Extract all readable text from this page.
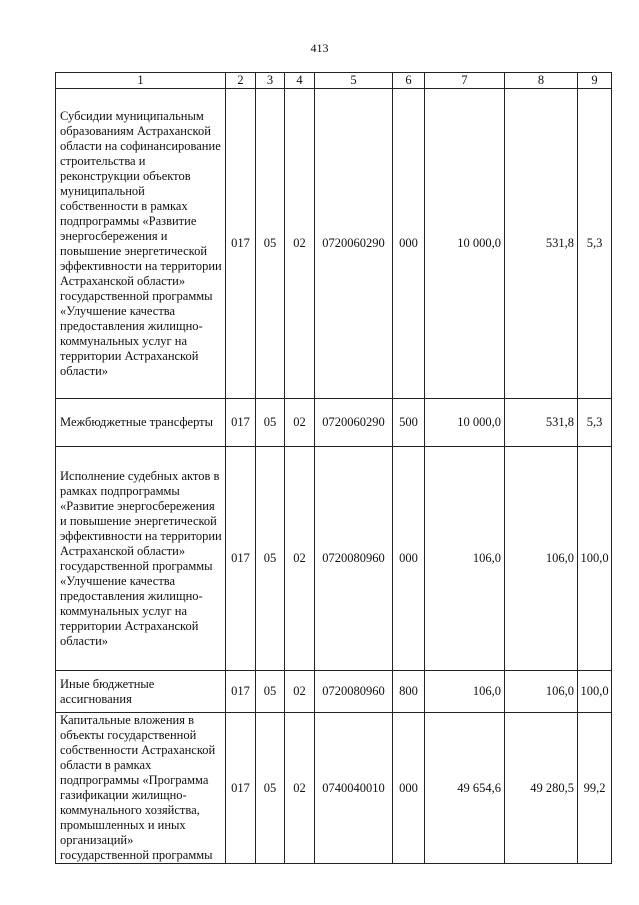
413
1	2	3	4	5	6	7	8	9
Субсидии муниципальным образованиям Астраханской области на софинансирование строительства и реконструкции объектов муниципальной собственности в рамках подпрограммы «Развитие энергосбережения и повышение энергетической эффективности на территории Астраханской области» государственной программы «Улучшение качества предоставления жилищно-коммунальных услуг на территории Астраханской области»	017	05	02	0720060290	000	10 000,0	531,8	5,3
Межбюджетные трансферты	017	05	02	0720060290	500	10 000,0	531,8	5,3
Исполнение судебных актов в рамках подпрограммы «Развитие энергосбережения и повышение энергетической эффективности на территории Астраханской области» государственной программы «Улучшение качества предоставления жилищно-коммунальных услуг на территории Астраханской области»	017	05	02	0720080960	000	106,0	106,0	100,0
Иные бюджетные ассигнования	017	05	02	0720080960	800	106,0	106,0	100,0
Капитальные вложения в объекты государственной собственности Астраханской области в рамках подпрограммы «Программа газификации жилищно-коммунального хозяйства, промышленных и иных организаций» государственной программы	017	05	02	0740040010	000	49 654,6	49 280,5	99,2
